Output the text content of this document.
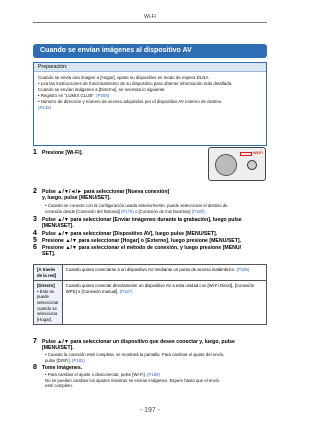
Wi-Fi
Cuando se envían imágenes al dispositivo AV
Preparación:
Cuando se envía una imagen a [Hogar], ajuste su dispositivo en modo de espera DLNA.
• Lea las instrucciones de funcionamiento de su dispositivo para obtener información más detallada.
Cuando se envían imágenes a [Externo], se necesita lo siguiente:
• Registro en “LUMIX CLUB”. (P206)
• Número de dirección y número de acceso adquiridos por el dispositivo AV externo de destino.
(P215)
1 Presione [Wi-Fi].	Wi-Fi
2 Pulse ▲/▼/◄/► para seleccionar [Nueva conexión]
y, luego, pulse [MENU/SET].
• Cuando se conecte con la configuración usada anteriormente, puede seleccionar el destino de
conexión desde [Conexión del historial] (P179) o [Conexión de mis favoritos] (P180).
3 Pulse ▲/▼ para seleccionar [Enviar imágenes durante la grabación], luego pulse
[MENU/SET].
4 Pulse ▲/▼ para seleccionar [Dispositivo AV], luego pulse [MENU/SET].
5 Presione ▲/▼ para seleccionar [Hogar] o [Externo], luego presione [MENU/SET].
6 Presione ▲/▼ para seleccionar el método de conexión, y luego presione [MENU/
SET].
[A través de la red]	Cuando quiera conectarse a un dispositivo AV mediante un punto de acceso inalámbrico. (P185)

[Directo]
• Esto se puede seleccionar cuando se selecciona [Hogar].	Cuando quiera conectar directamente un dispositivo AV a esta unidad con [Wi-Fi Direct], [Conexión WPS] o [Conexión manual]. (P187)
7 Pulse ▲/▼ para seleccionar un dispositivo que desee conectar y, luego, pulse
[MENU/SET].
• Cuando la conexión esté completa, se mostrará la pantalla. Para cambiar el ajuste del envío,
pulse [DISP.]. (P182)
8 Tome imágenes.
• Para cambiar el ajuste o desconectar, pulse [Wi-Fi]. (P199)
No se pueden cambiar los ajustes mientras se envían imágenes. Espere hasta que el envío
esté completo.
- 197 -
